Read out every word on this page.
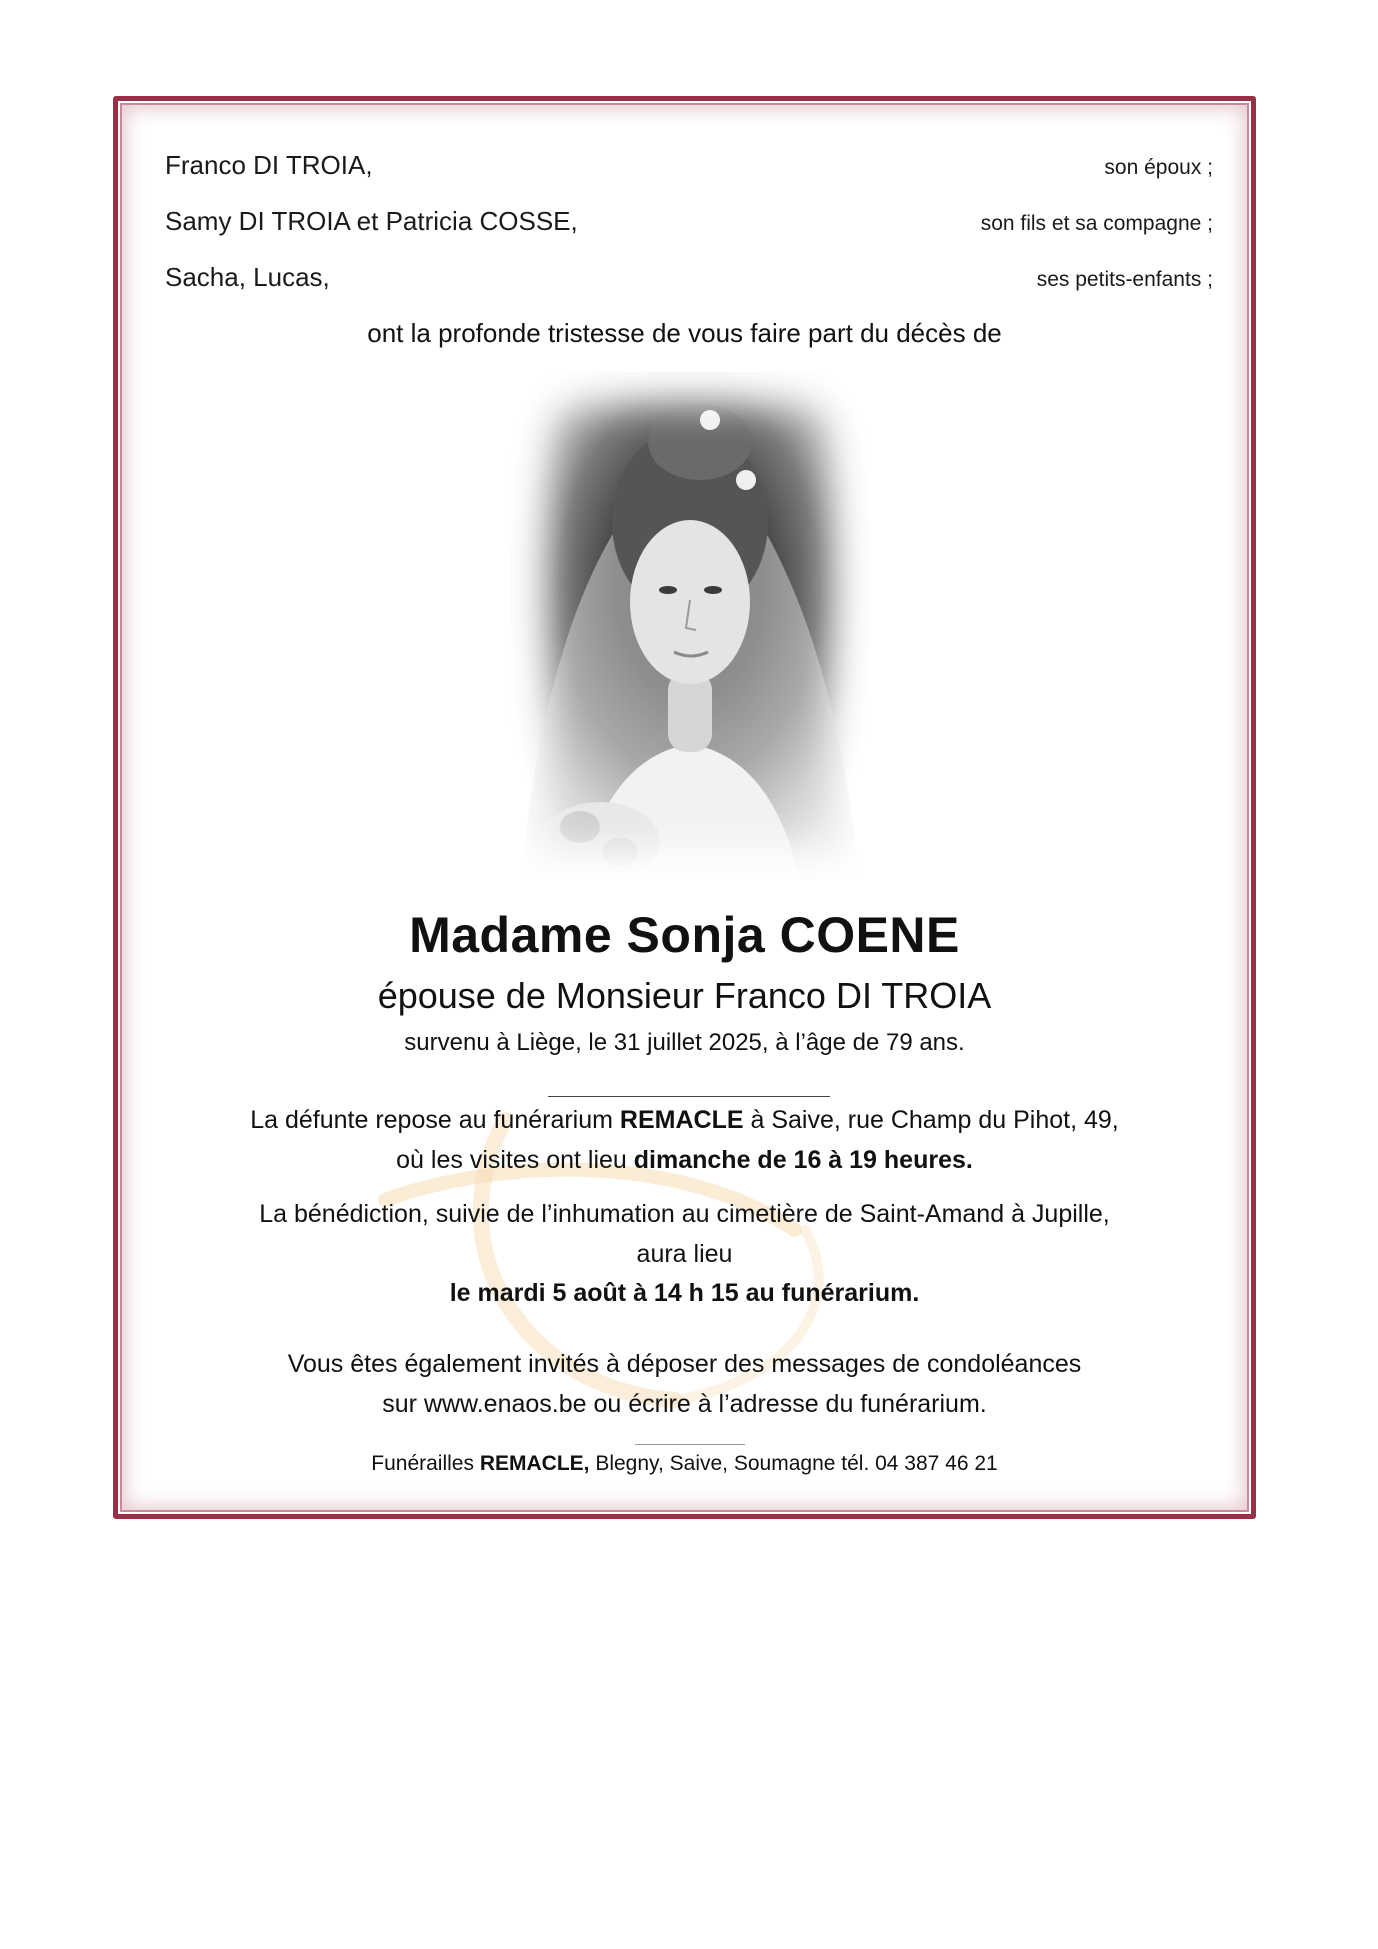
Franco DI TROIA,	son époux ;
Samy DI TROIA et Patricia COSSE,	son fils et sa compagne ;
Sacha, Lucas,	ses petits-enfants ;
ont la profonde tristesse de vous faire part du décès de
Madame Sonja COENE
épouse de Monsieur Franco DI TROIA
survenu à Liège, le 31 juillet 2025, à l’âge de 79 ans.
La défunte repose au funérarium REMACLE à Saive, rue Champ du Pihot, 49,
où les visites ont lieu dimanche de 16 à 19 heures.
La bénédiction, suivie de l’inhumation au cimetière de Saint-Amand à Jupille,
aura lieu
le mardi 5 août à 14 h 15 au funérarium.
Vous êtes également invités à déposer des messages de condoléances
sur www.enaos.be ou écrire à l’adresse du funérarium.
Funérailles REMACLE, Blegny, Saive, Soumagne tél. 04 387 46 21
